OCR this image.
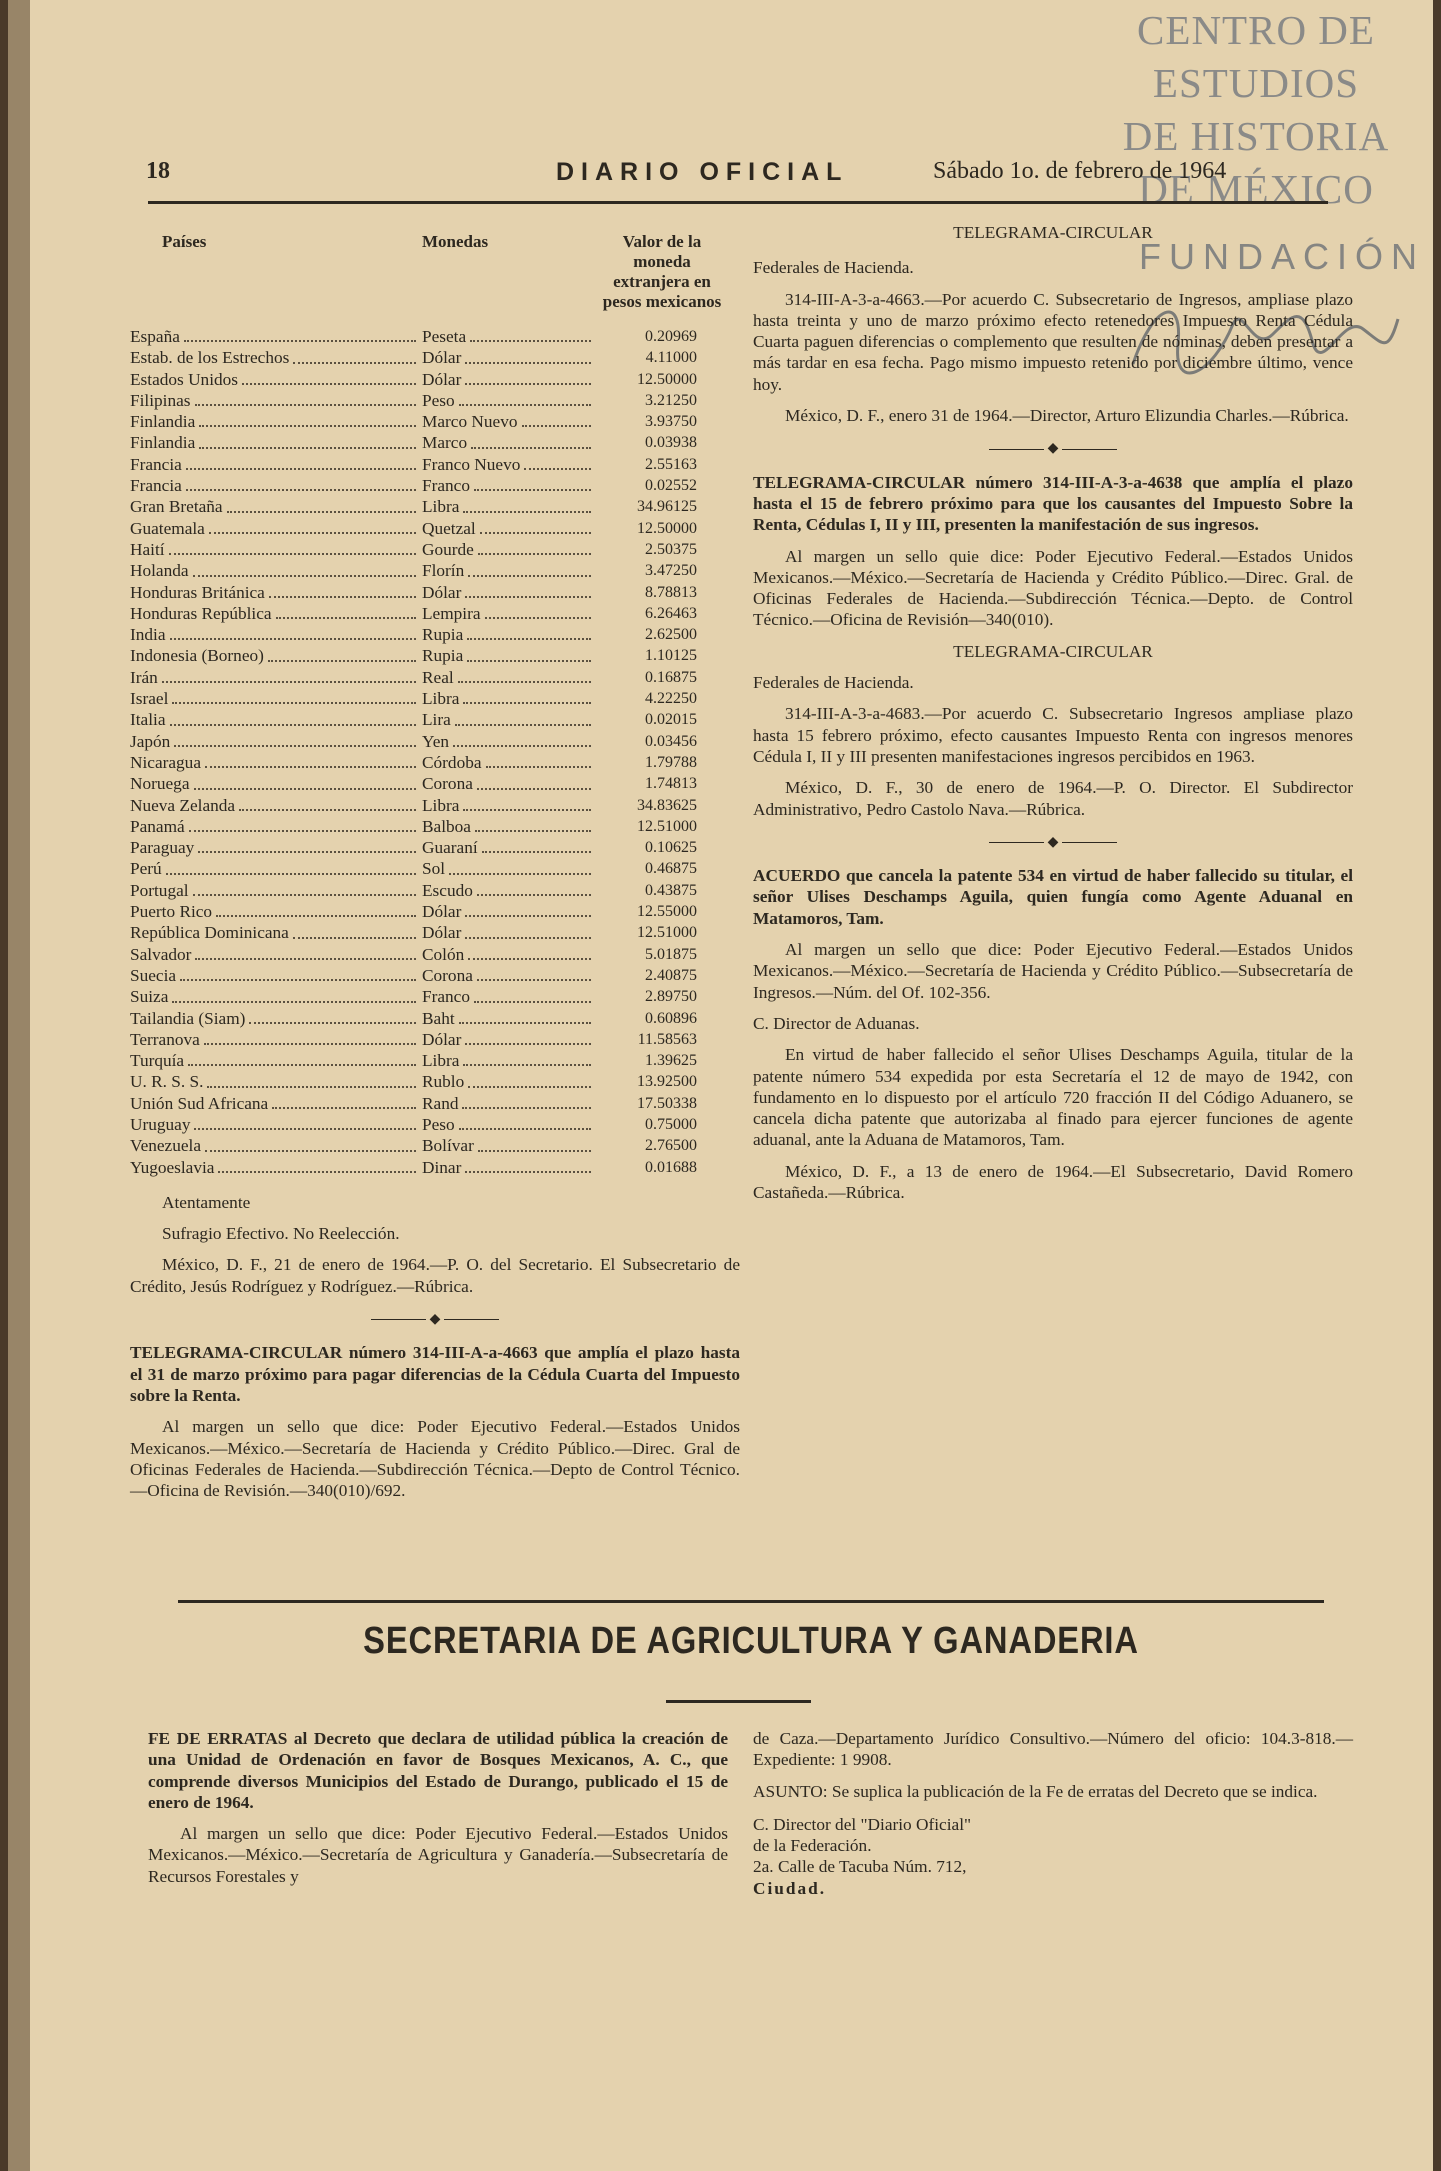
CENTRO DE
ESTUDIOS
DE HISTORIA
DE MÉXICO
FUNDACIÓN
18	DIARIO OFICIAL	Sábado 1o. de febrero de 1964
Países	Monedas	Valor de la moneda extranjera en pesos mexicanos
España	Peseta	0.20969
Estab. de los Estrechos	Dólar	4.11000
Estados Unidos	Dólar	12.50000
Filipinas	Peso	3.21250
Finlandia	Marco Nuevo	3.93750
Finlandia	Marco	0.03938
Francia	Franco Nuevo	2.55163
Francia	Franco	0.02552
Gran Bretaña	Libra	34.96125
Guatemala	Quetzal	12.50000
Haití	Gourde	2.50375
Holanda	Florín	3.47250
Honduras Británica	Dólar	8.78813
Honduras República	Lempira	6.26463
India	Rupia	2.62500
Indonesia (Borneo)	Rupia	1.10125
Irán	Real	0.16875
Israel	Libra	4.22250
Italia	Lira	0.02015
Japón	Yen	0.03456
Nicaragua	Córdoba	1.79788
Noruega	Corona	1.74813
Nueva Zelanda	Libra	34.83625
Panamá	Balboa	12.51000
Paraguay	Guaraní	0.10625
Perú	Sol	0.46875
Portugal	Escudo	0.43875
Puerto Rico	Dólar	12.55000
República Dominicana	Dólar	12.51000
Salvador	Colón	5.01875
Suecia	Corona	2.40875
Suiza	Franco	2.89750
Tailandia (Siam)	Baht	0.60896
Terranova	Dólar	11.58563
Turquía	Libra	1.39625
U. R. S. S.	Rublo	13.92500
Unión Sud Africana	Rand	17.50338
Uruguay	Peso	0.75000
Venezuela	Bolívar	2.76500
Yugoeslavia	Dinar	0.01688

Atentamente

Sufragio Efectivo. No Reelección.

México, D. F., 21 de enero de 1964.—P. O. del Secretario. El Subsecretario de Crédito, Jesús Rodríguez y Rodríguez.—Rúbrica.

◆

TELEGRAMA-CIRCULAR número 314-III-A-a-4663 que amplía el plazo hasta el 31 de marzo próximo para pagar diferencias de la Cédula Cuarta del Impuesto sobre la Renta.

Al margen un sello que dice: Poder Ejecutivo Federal.—Estados Unidos Mexicanos.—México.—Secretaría de Hacienda y Crédito Público.—Direc. Gral de Oficinas Federales de Hacienda.—Subdirección Técnica.—Depto de Control Técnico.—Oficina de Revisión.—340(010)/692.

TELEGRAMA-CIRCULAR

Federales de Hacienda.

314-III-A-3-a-4663.—Por acuerdo C. Subsecretario de Ingresos, ampliase plazo hasta treinta y uno de marzo próximo efecto retenedores Impuesto Renta Cédula Cuarta paguen diferencias o complemento que resulten de nóminas, deben presentar a más tardar en esa fecha. Pago mismo impuesto retenido por diciembre último, vence hoy.

México, D. F., enero 31 de 1964.—Director, Arturo Elizundia Charles.—Rúbrica.

◆

TELEGRAMA-CIRCULAR número 314-III-A-3-a-4638 que amplía el plazo hasta el 15 de febrero próximo para que los causantes del Impuesto Sobre la Renta, Cédulas I, II y III, presenten la manifestación de sus ingresos.

Al margen un sello quie dice: Poder Ejecutivo Federal.—Estados Unidos Mexicanos.—México.—Secretaría de Hacienda y Crédito Público.—Direc. Gral. de Oficinas Federales de Hacienda.—Subdirección Técnica.—Depto. de Control Técnico.—Oficina de Revisión—340(010).

TELEGRAMA-CIRCULAR

Federales de Hacienda.

314-III-A-3-a-4683.—Por acuerdo C. Subsecretario Ingresos ampliase plazo hasta 15 febrero próximo, efecto causantes Impuesto Renta con ingresos menores Cédula I, II y III presenten manifestaciones ingresos percibidos en 1963.

México, D. F., 30 de enero de 1964.—P. O. Director. El Subdirector Administrativo, Pedro Castolo Nava.—Rúbrica.

◆

ACUERDO que cancela la patente 534 en virtud de haber fallecido su titular, el señor Ulises Deschamps Aguila, quien fungía como Agente Aduanal en Matamoros, Tam.

Al margen un sello que dice: Poder Ejecutivo Federal.—Estados Unidos Mexicanos.—México.—Secretaría de Hacienda y Crédito Público.—Subsecretaría de Ingresos.—Núm. del Of. 102-356.

C. Director de Aduanas.

En virtud de haber fallecido el señor Ulises Deschamps Aguila, titular de la patente número 534 expedida por esta Secretaría el 12 de mayo de 1942, con fundamento en lo dispuesto por el artículo 720 fracción II del Código Aduanero, se cancela dicha patente que autorizaba al finado para ejercer funciones de agente aduanal, ante la Aduana de Matamoros, Tam.

México, D. F., a 13 de enero de 1964.—El Subsecretario, David Romero Castañeda.—Rúbrica.

SECRETARIA DE AGRICULTURA Y GANADERIA

FE DE ERRATAS al Decreto que declara de utilidad pública la creación de una Unidad de Ordenación en favor de Bosques Mexicanos, A. C., que comprende diversos Municipios del Estado de Durango, publicado el 15 de enero de 1964.

Al margen un sello que dice: Poder Ejecutivo Federal.—Estados Unidos Mexicanos.—México.—Secretaría de Agricultura y Ganadería.—Subsecretaría de Recursos Forestales y

de Caza.—Departamento Jurídico Consultivo.—Número del oficio: 104.3-818.—Expediente: 1 9908.

ASUNTO: Se suplica la publicación de la Fe de erratas del Decreto que se indica.

C. Director del "Diario Oficial"
de la Federación.
2a. Calle de Tacuba Núm. 712,
Ciudad.
